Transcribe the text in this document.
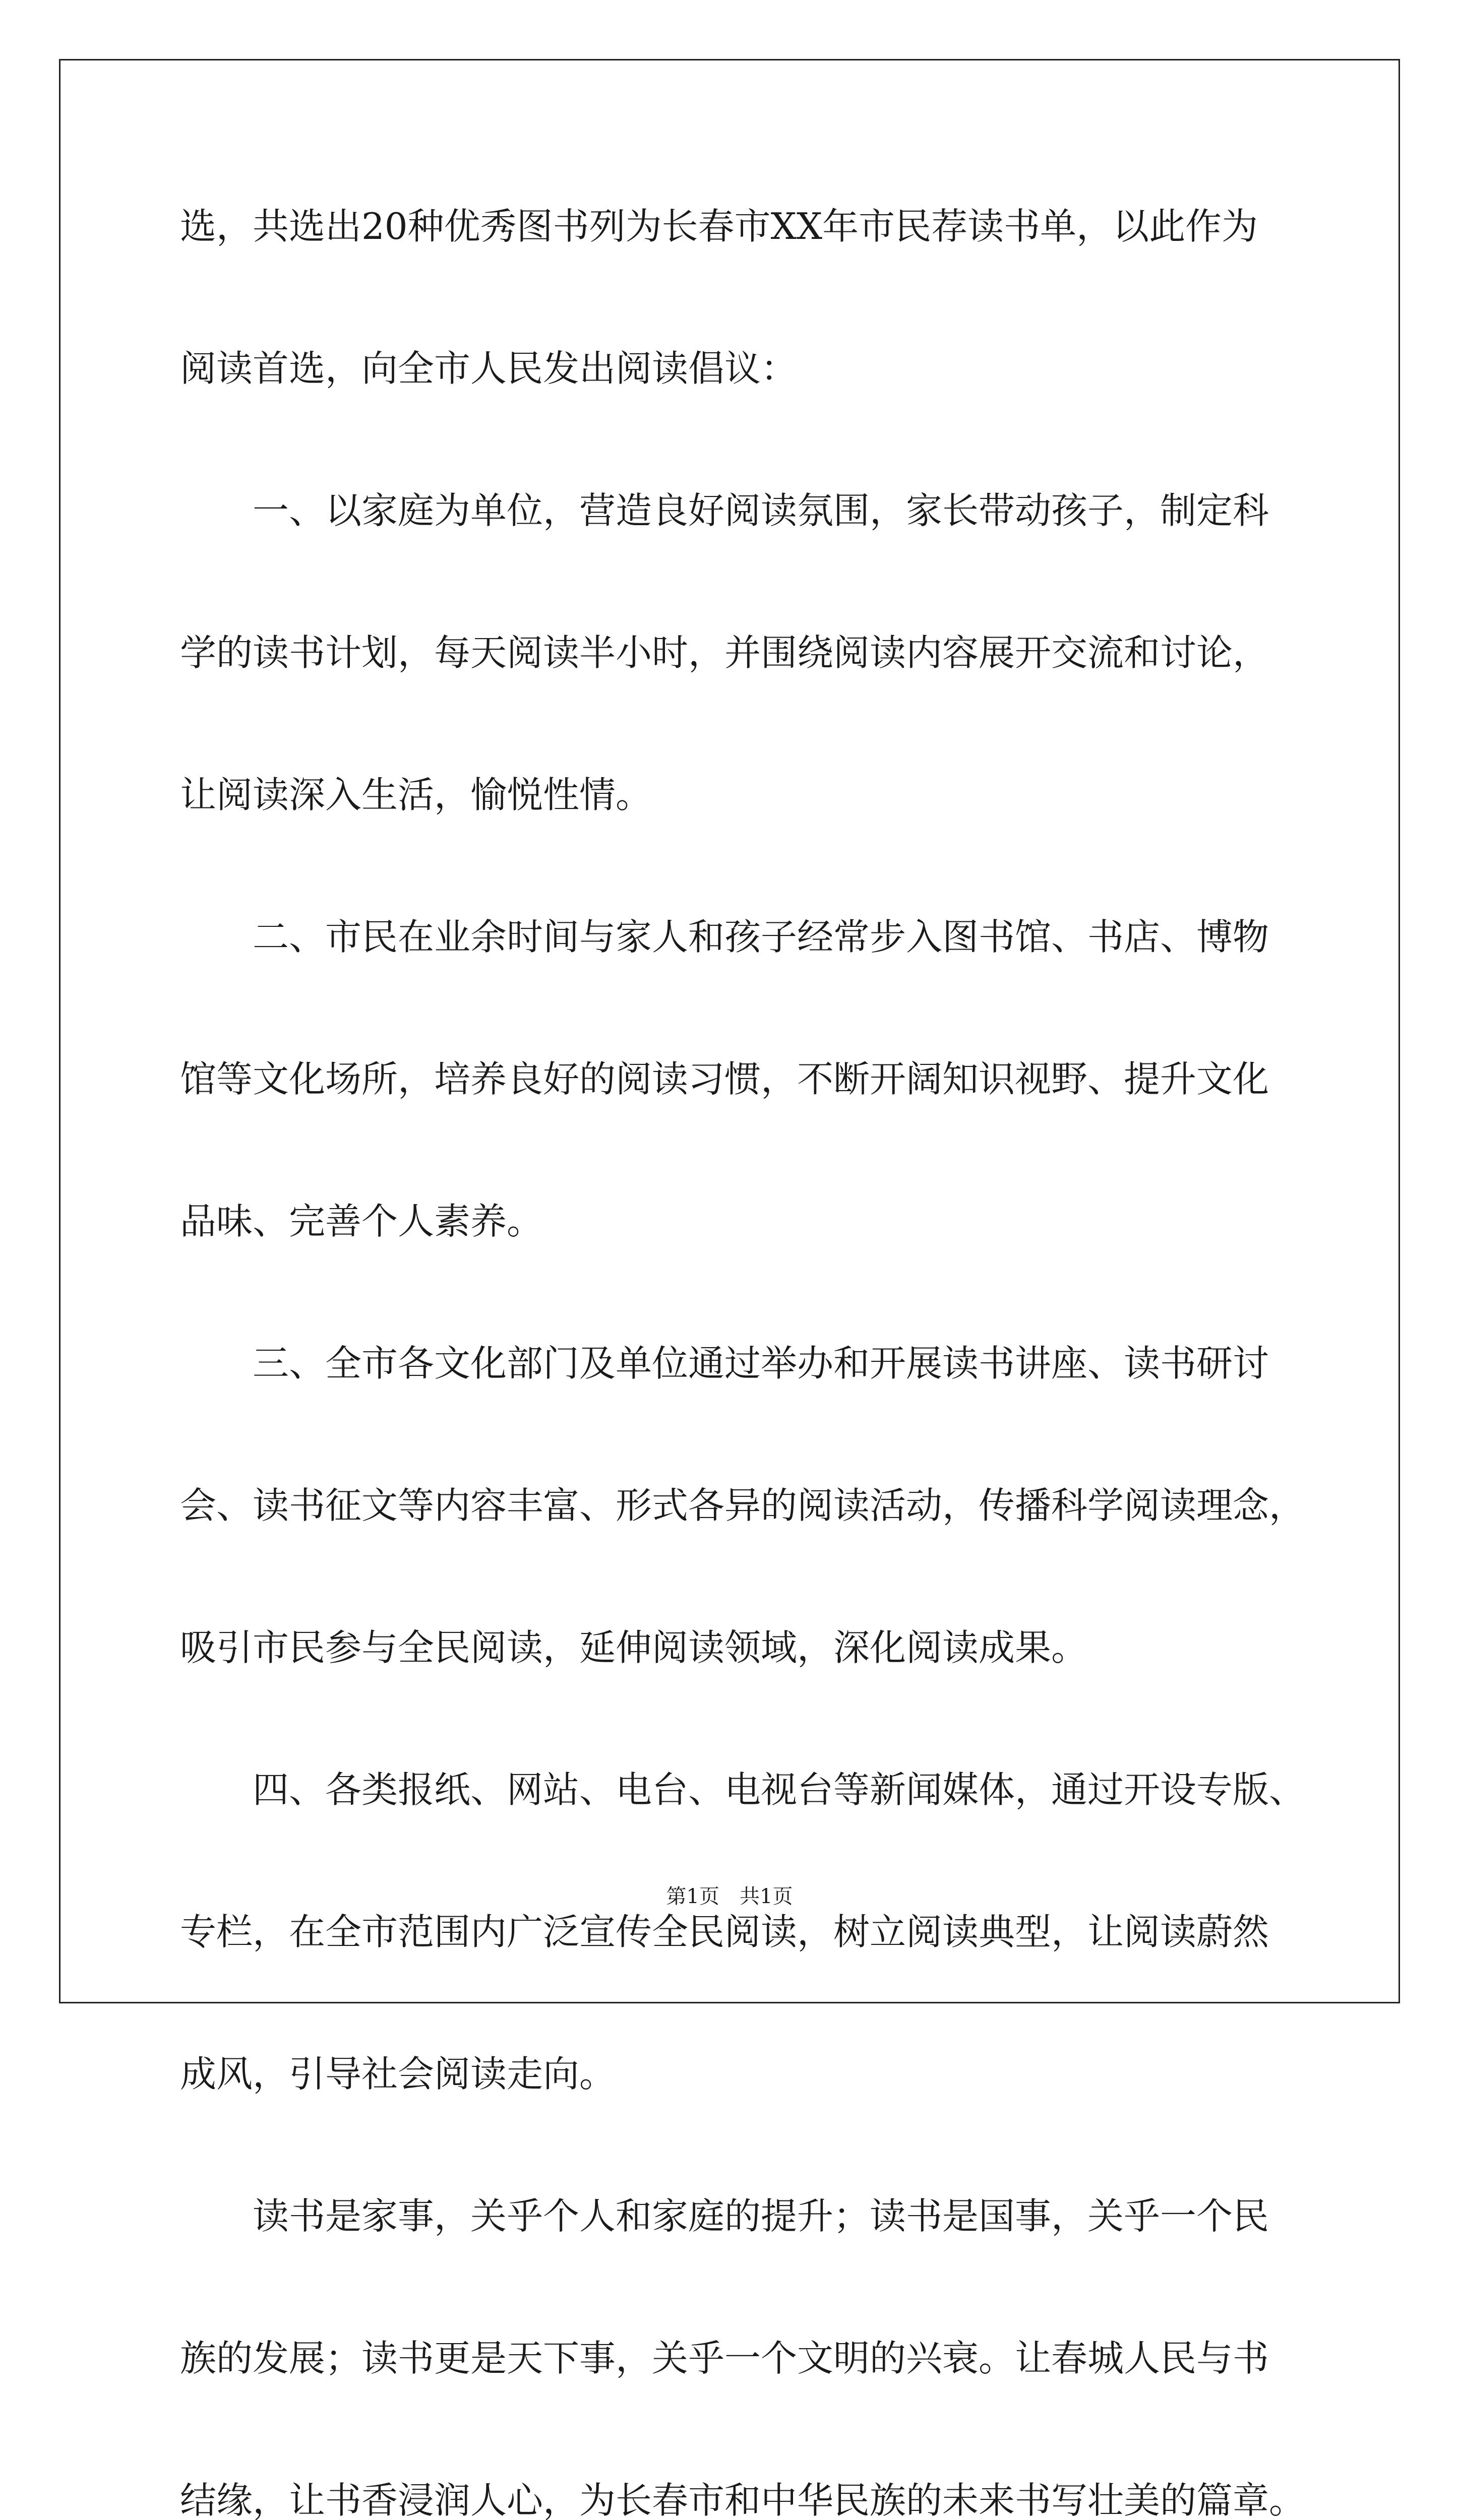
选，共选出20种优秀图书列为长春市XX年市民荐读书单，以此作为
阅读首选，向全市人民发出阅读倡议：
　　一、以家庭为单位，营造良好阅读氛围，家长带动孩子，制定科
学的读书计划，每天阅读半小时，并围绕阅读内容展开交流和讨论，
让阅读深入生活，愉悦性情。
　　二、市民在业余时间与家人和孩子经常步入图书馆、书店、博物
馆等文化场所，培养良好的阅读习惯，不断开阔知识视野、提升文化
品味、完善个人素养。
　　三、全市各文化部门及单位通过举办和开展读书讲座、读书研讨
会、读书征文等内容丰富、形式各异的阅读活动，传播科学阅读理念，
吸引市民参与全民阅读，延伸阅读领域，深化阅读成果。
　　四、各类报纸、网站、电台、电视台等新闻媒体，通过开设专版、
专栏，在全市范围内广泛宣传全民阅读，树立阅读典型，让阅读蔚然
成风，引导社会阅读走向。
　　读书是家事，关乎个人和家庭的提升；读书是国事，关乎一个民
族的发展；读书更是天下事，关乎一个文明的兴衰。让春城人民与书
结缘，让书香浸润人心，为长春市和中华民族的未来书写壮美的篇章。
第1页　共1页
